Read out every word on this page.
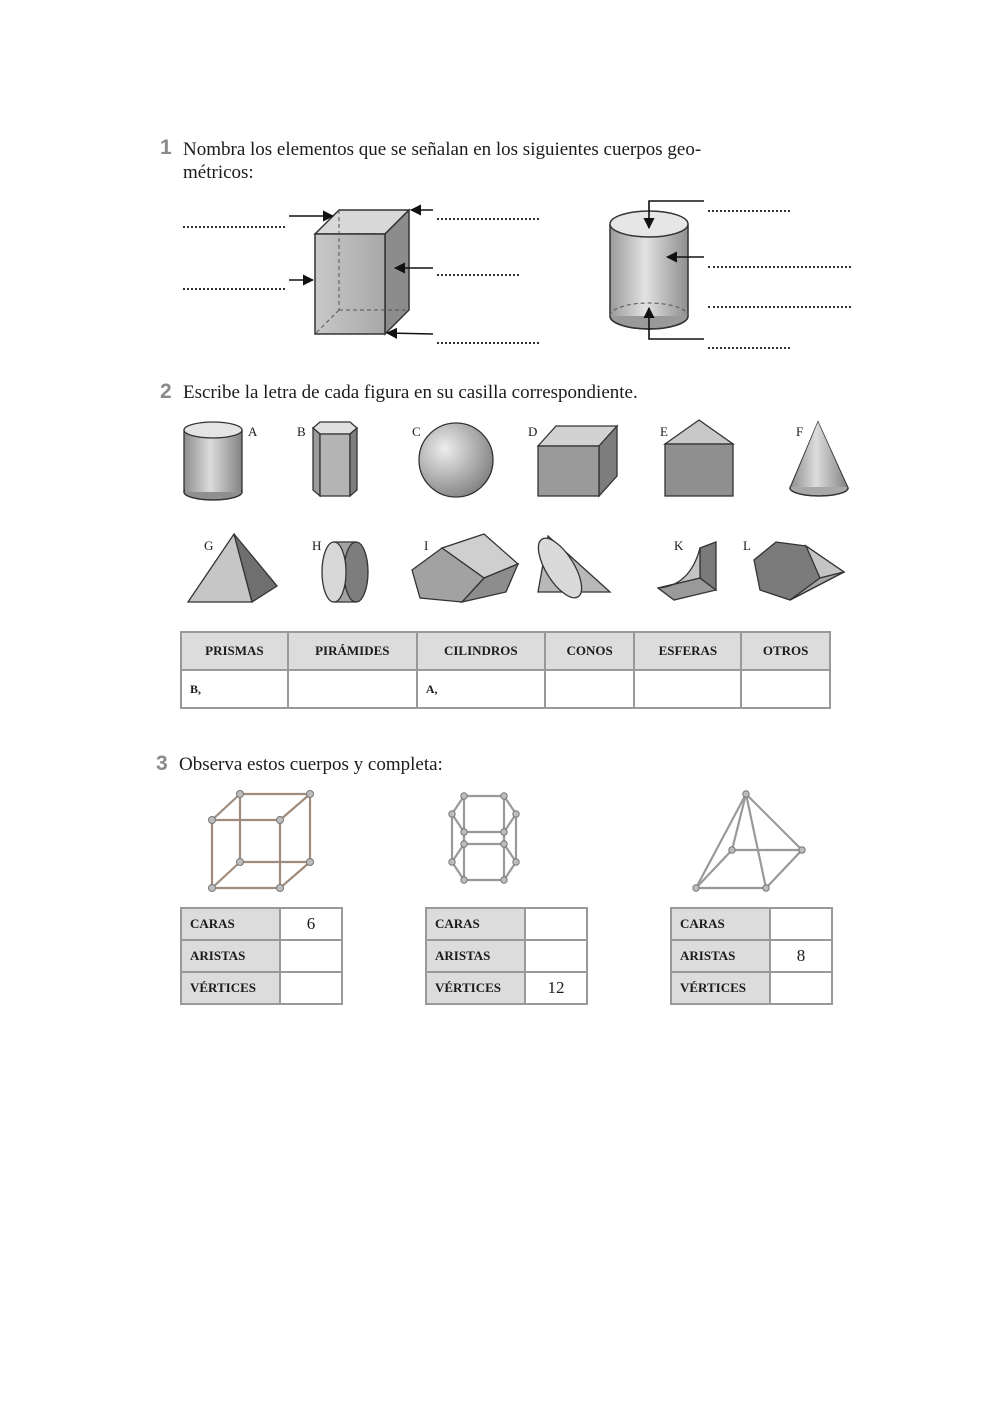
1 Nombra los elementos que se señalan en los siguientes cuerpos geo-
métricos:
2 Escribe la letra de cada figura en su casilla correspondiente.
A	B	C	D	E	F
G	H	I	K	L
PRISMAS	PIRÁMIDES	CILINDROS	CONOS	ESFERAS	OTROS
B,		A,			
3 Observa estos cuerpos y completa:
CARAS	6
ARISTAS	
VÉRTICES	
CARAS	
ARISTAS	
VÉRTICES	12
CARAS	
ARISTAS	8
VÉRTICES	
